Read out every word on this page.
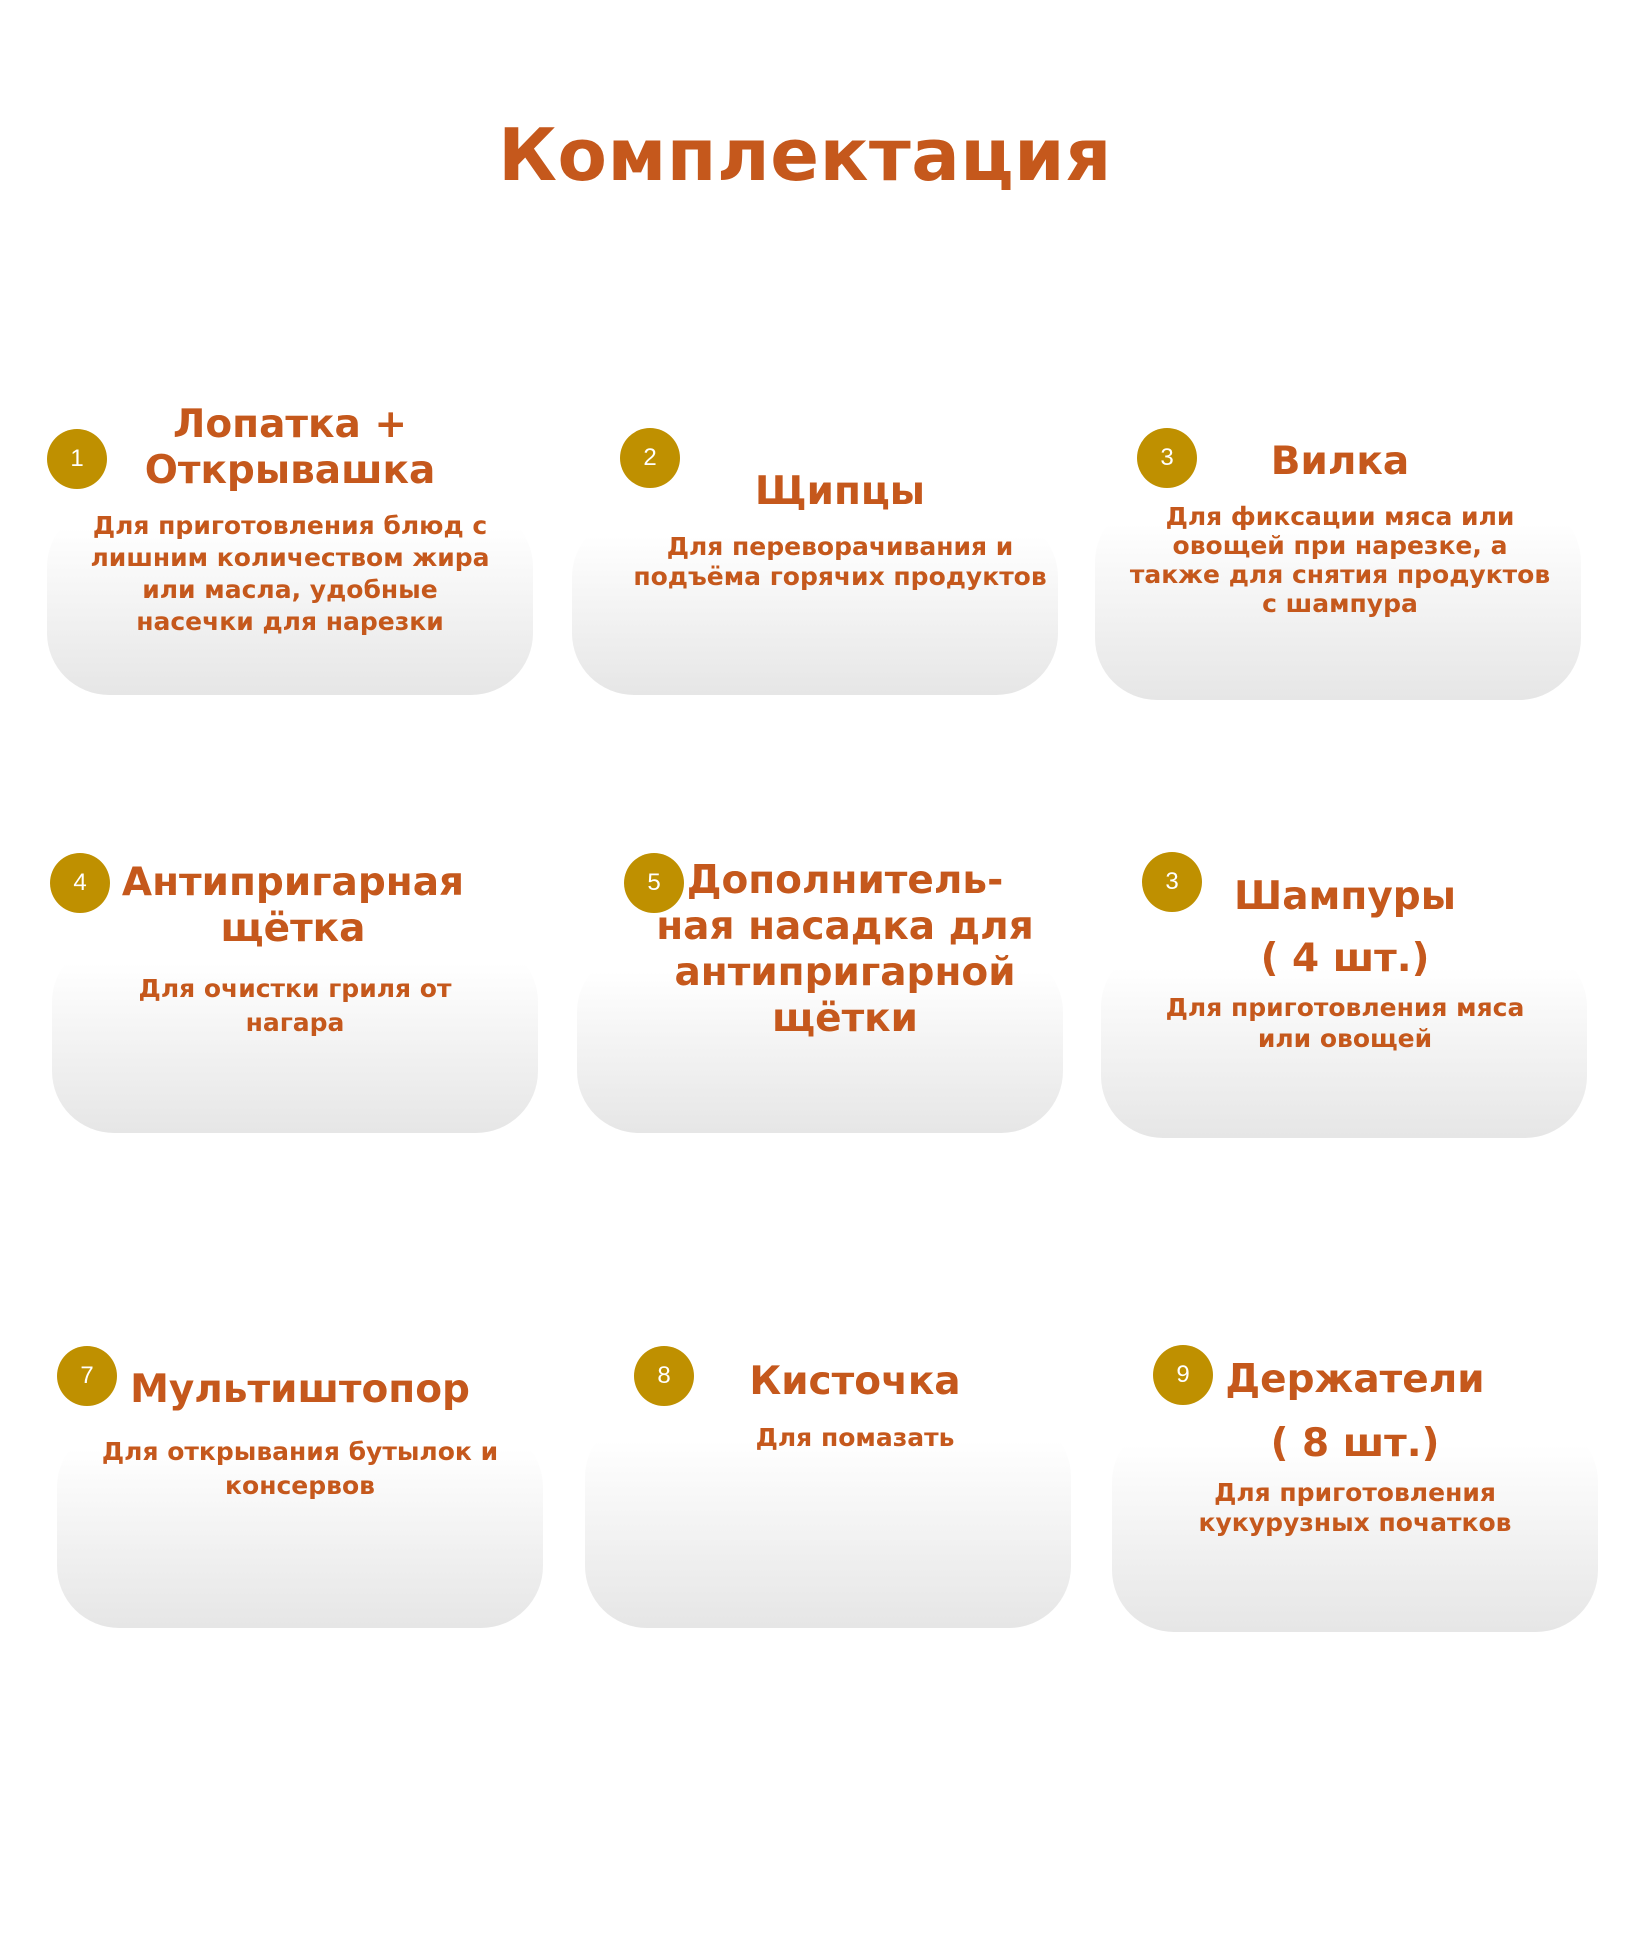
Комплектация
1
Лопатка +
Открывашка
Для приготовления блюд с
лишним количеством жира
или масла, удобные
насечки для нарезки
2
Щипцы
Для переворачивания и
подъёма горячих продуктов
3	Вилка
Для фиксации мяса или
овощей при нарезке, а
также для снятия продуктов
с шампура
4 Антипригарная
щётка
Для очистки гриля от
нагара
5 Дополнитель-
ная насадка для
антипригарной
щётки
3	Шампуры
( 4 шт.)
Для приготовления мяса
или овощей
7 Мультиштопор
Для открывания бутылок и
консервов
8	Кисточка
Для помазать
9 Держатели
( 8 шт.)
Для приготовления
кукурузных початков
